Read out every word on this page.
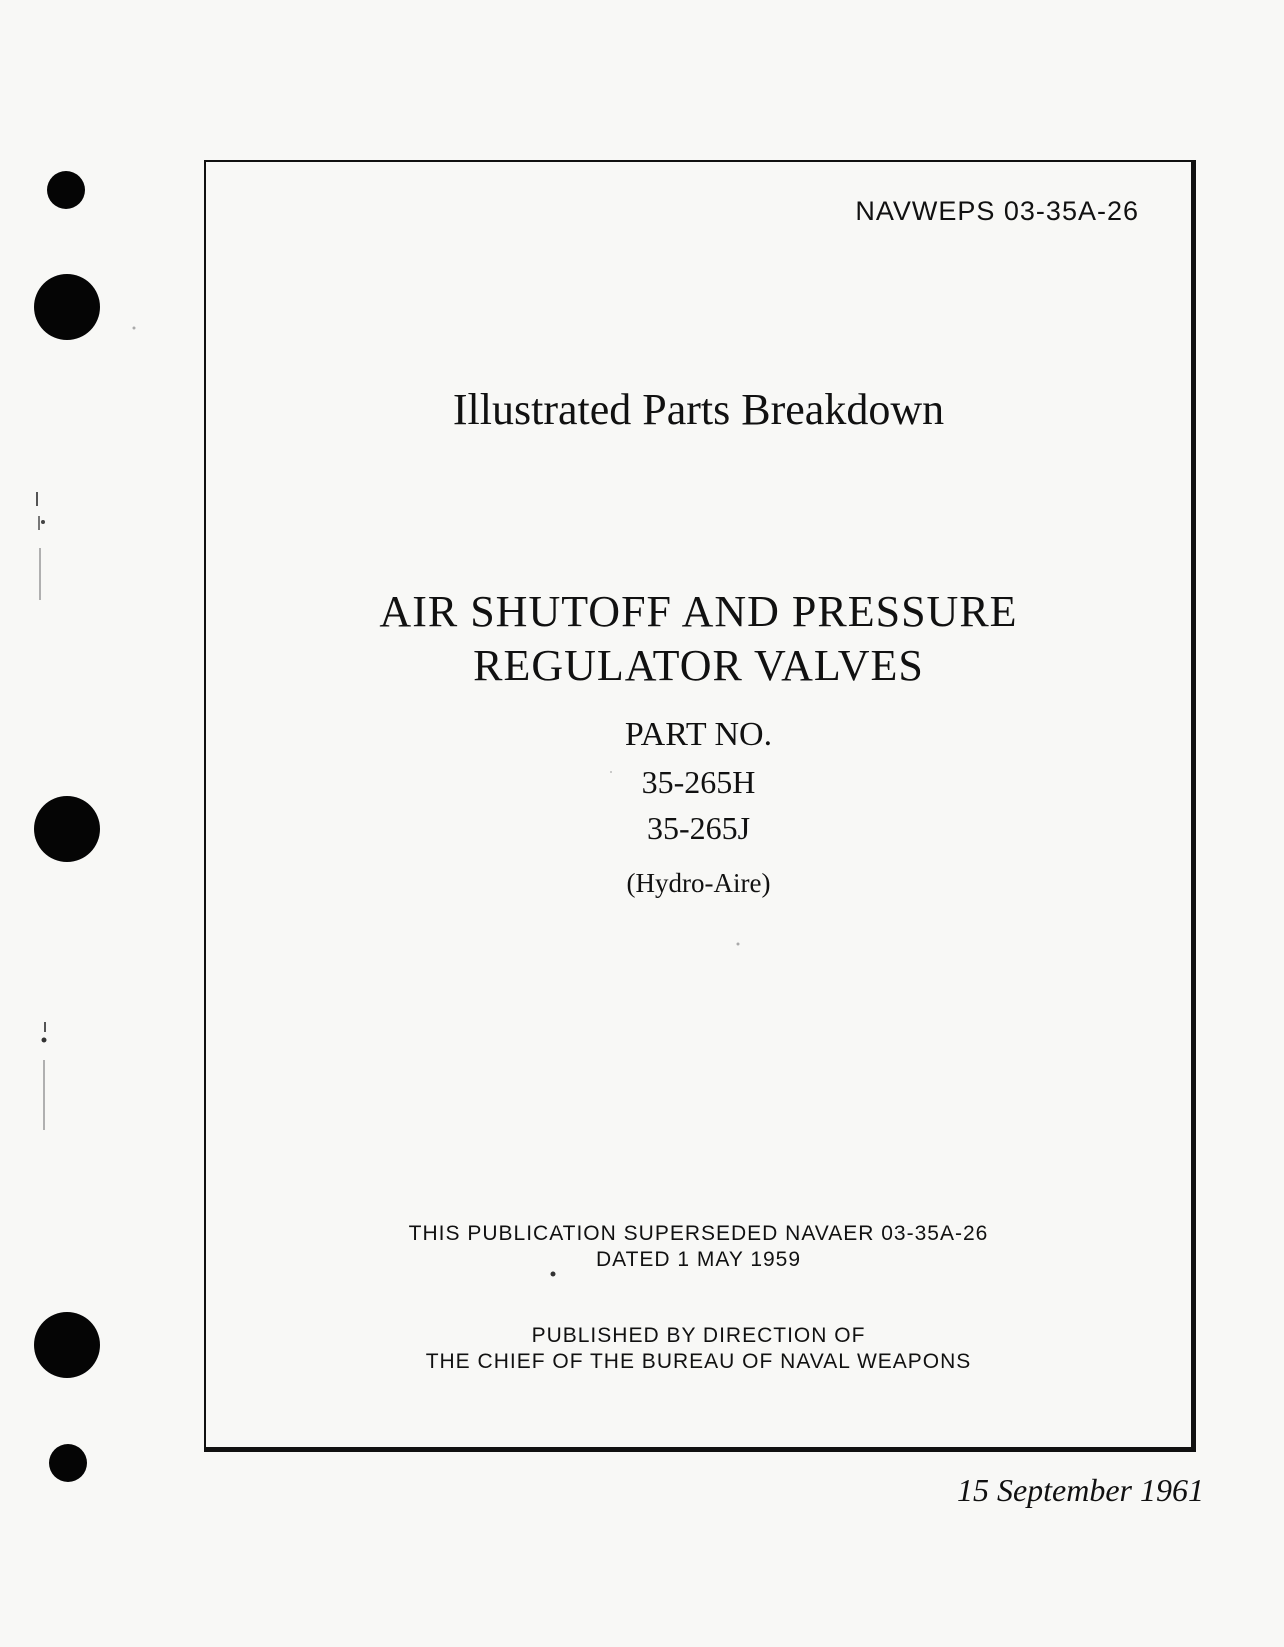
NAVWEPS 03-35A-26
Illustrated Parts Breakdown
AIR SHUTOFF AND PRESSURE
REGULATOR VALVES
PART NO.
35-265H
35-265J
(Hydro-Aire)
THIS PUBLICATION SUPERSEDED NAVAER 03-35A-26
DATED 1 MAY 1959
PUBLISHED BY DIRECTION OF
THE CHIEF OF THE BUREAU OF NAVAL WEAPONS
15 September 1961
